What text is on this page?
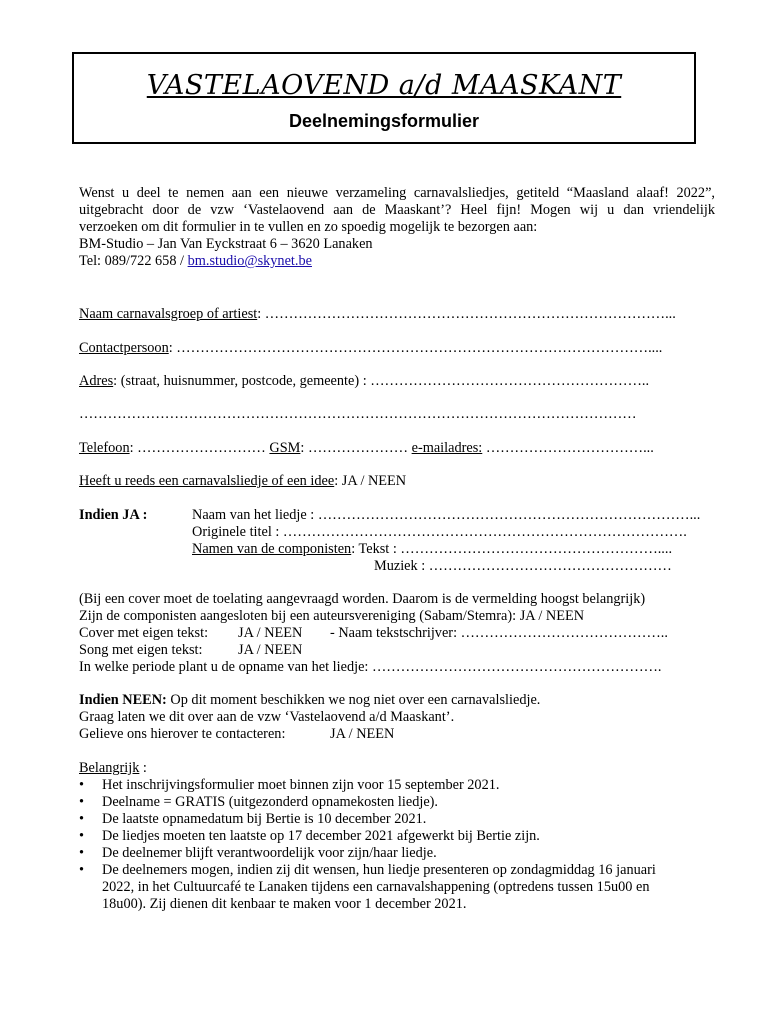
VASTELAOVEND a/d MAASKANT
Deelnemingsformulier
Wenst u deel te nemen aan een nieuwe verzameling carnavalsliedjes, getiteld “Maasland alaaf! 2022”,
uitgebracht door de vzw ‘Vastelaovend aan de Maaskant’? Heel fijn! Mogen wij u dan vriendelijk
verzoeken om dit formulier in te vullen en zo spoedig mogelijk te bezorgen aan:
BM-Studio – Jan Van Eyckstraat 6 – 3620 Lanaken
Tel: 089/722 658 / bm.studio@skynet.be
Naam carnavalsgroep of artiest: …………………………………………………………………………...
Contactpersoon: ………………………………………………………………………………………....
Adres: (straat, huisnummer, postcode, gemeente) : …………………………………………………..
………………………………………………………………………………………………………
Telefoon: ……………………… GSM: ………………… e-mailadres: ……………………………...
Heeft u reeds een carnavalsliedje of een idee: JA / NEEN
Indien JA :	Naam van het liedje : ……………………………………………………………………...
Originele titel : ………………………………………………………………………….
Namen van de componisten: Tekst : ………………………………………………....
Muziek : ……………………………………………
(Bij een cover moet de toelating aangevraagd worden. Daarom is de vermelding hoogst belangrijk)
Zijn de componisten aangesloten bij een auteursvereniging (Sabam/Stemra): JA / NEEN
Cover met eigen tekst: JA / NEEN - Naam tekstschrijver: ……………………………………..
Song met eigen tekst: JA / NEEN
In welke periode plant u de opname van het liedje: …………………………………………………….
Indien NEEN: Op dit moment beschikken we nog niet over een carnavalsliedje.
Graag laten we dit over aan de vzw ‘Vastelaovend a/d Maaskant’.
Gelieve ons hierover te contacteren:	JA / NEEN
Belangrijk :
• Het inschrijvingsformulier moet binnen zijn voor 15 september 2021.
• Deelname = GRATIS (uitgezonderd opnamekosten liedje).
• De laatste opnamedatum bij Bertie is 10 december 2021.
• De liedjes moeten ten laatste op 17 december 2021 afgewerkt bij Bertie zijn.
• De deelnemer blijft verantwoordelijk voor zijn/haar liedje.
• De deelnemers mogen, indien zij dit wensen, hun liedje presenteren op zondagmiddag 16 januari
2022, in het Cultuurcafé te Lanaken tijdens een carnavalshappening (optredens tussen 15u00 en
18u00). Zij dienen dit kenbaar te maken voor 1 december 2021.
